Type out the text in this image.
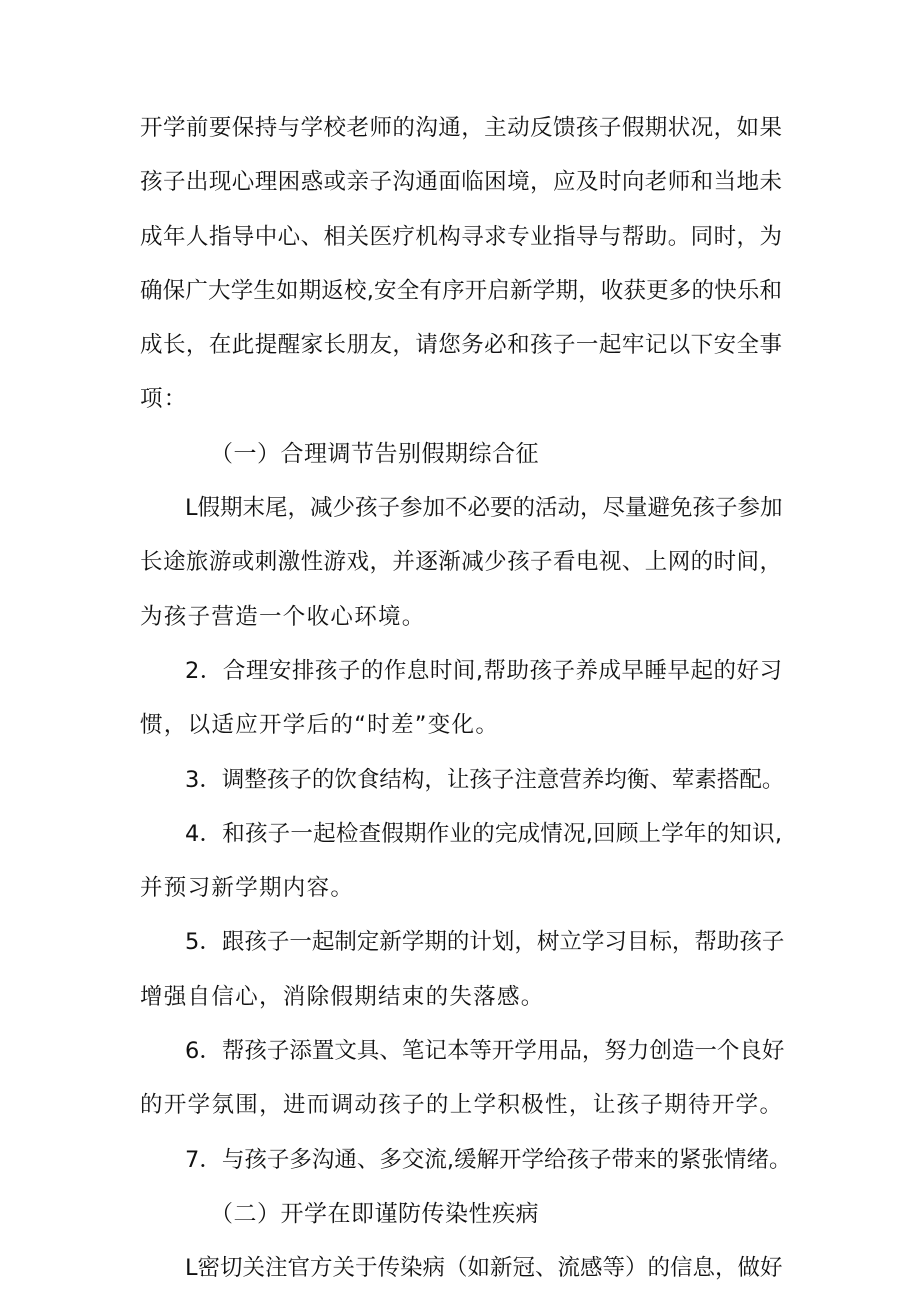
开学前要保持与学校老师的沟通，主动反馈孩子假期状况，如果
孩子出现心理困惑或亲子沟通面临困境，应及时向老师和当地未
成年人指导中心、相关医疗机构寻求专业指导与帮助。同时，为
确保广大学生如期返校,安全有序开启新学期，收获更多的快乐和
成长，在此提醒家长朋友，请您务必和孩子一起牢记以下安全事
项：
（一）合理调节告别假期综合征
L假期末尾，减少孩子参加不必要的活动，尽量避免孩子参加
长途旅游或刺激性游戏，并逐渐减少孩子看电视、上网的时间，
为孩子营造一个收心环境。
2．合理安排孩子的作息时间,帮助孩子养成早睡早起的好习
惯，以适应开学后的“时差”变化。
3．调整孩子的饮食结构，让孩子注意营养均衡、荤素搭配。
4．和孩子一起检查假期作业的完成情况,回顾上学年的知识,
并预习新学期内容。
5．跟孩子一起制定新学期的计划，树立学习目标，帮助孩子
增强自信心，消除假期结束的失落感。
6．帮孩子添置文具、笔记本等开学用品，努力创造一个良好
的开学氛围，进而调动孩子的上学积极性，让孩子期待开学。
7．与孩子多沟通、多交流,缓解开学给孩子带来的紧张情绪。
（二）开学在即谨防传染性疾病
L密切关注官方关于传染病（如新冠、流感等）的信息，做好
